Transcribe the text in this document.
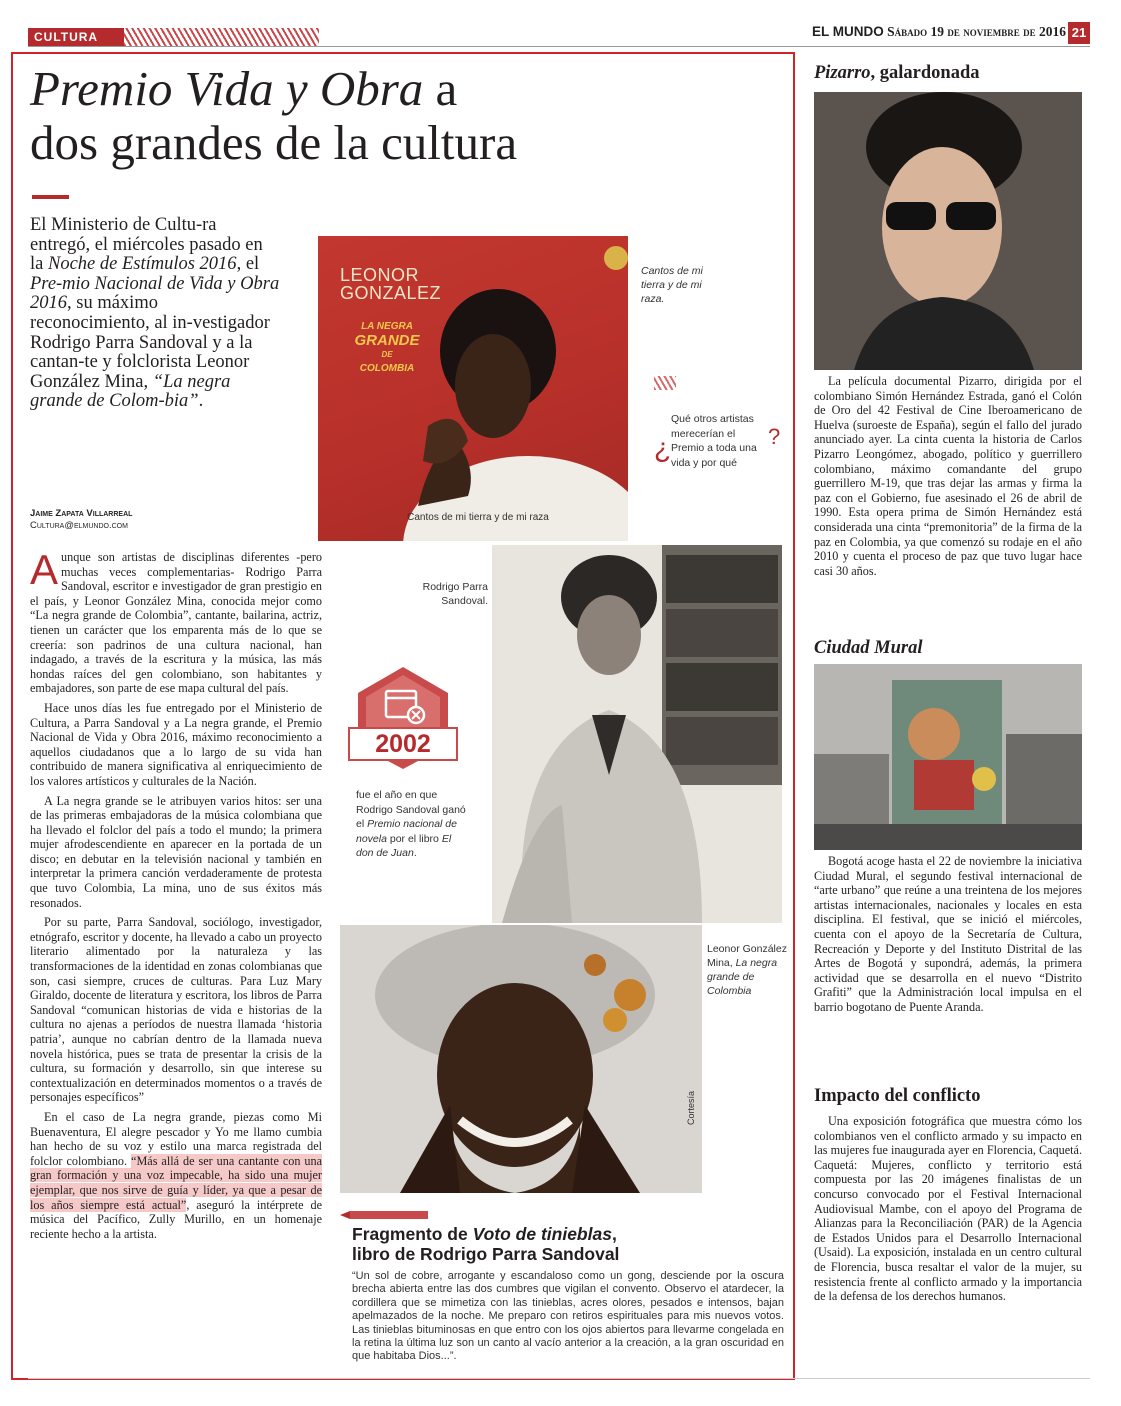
CULTURA	EL MUNDO Sábado 19 de noviembre de 2016 21
Premio Vida y Obra a
dos grandes de la cultura
El Ministerio de Cultu-ra entregó, el miércoles pasado en la Noche de Estímulos 2016, el Pre-mio Nacional de Vida y Obra 2016, su máximo reconocimiento, al in-vestigador Rodrigo Parra Sandoval y a la cantan-te y folclorista Leonor González Mina, “La negra grande de Colom-bia”.
Jaime Zapata Villarreal
Cultura@elmundo.com

Aunque son artistas de disciplinas diferentes -pero muchas veces complementarias- Rodrigo Parra Sandoval, escritor e investigador de gran prestigio en el país, y Leonor González Mina, conocida mejor como “La negra grande de Colombia”, cantante, bailarina, actriz, tienen un carácter que los emparenta más de lo que se creería: son padrinos de una cultura nacional, han indagado, a través de la escritura y la música, las más hondas raíces del gen colombiano, son habitantes y embajadores, son parte de ese mapa cultural del país.

Hace unos días les fue entregado por el Ministerio de Cultura, a Parra Sandoval y a La negra grande, el Premio Nacional de Vida y Obra 2016, máximo reconocimiento a aquellos ciudadanos que a lo largo de su vida han contribuido de manera significativa al enriquecimiento de los valores artísticos y culturales de la Nación.

A La negra grande se le atribuyen varios hitos: ser una de las primeras embajadoras de la música colombiana que ha llevado el folclor del país a todo el mundo; la primera mujer afrodescendiente en aparecer en la portada de un disco; en debutar en la televisión nacional y también en interpretar la primera canción verdaderamente de protesta que tuvo Colombia, La mina, uno de sus éxitos más resonados.

Por su parte, Parra Sandoval, sociólogo, investigador, etnógrafo, escritor y docente, ha llevado a cabo un proyecto literario alimentado por la naturaleza y las transformaciones de la identidad en zonas colombianas que son, casi siempre, cruces de culturas. Para Luz Mary Giraldo, docente de literatura y escritora, los libros de Parra Sandoval “comunican historias de vida e historias de la cultura no ajenas a períodos de nuestra llamada ‘historia patria’, aunque no cabrían dentro de la llamada nueva novela histórica, pues se trata de presentar la crisis de la cultura, su formación y desarrollo, sin que interese su contextualización en determinados momentos o a través de personajes específicos”

En el caso de La negra grande, piezas como Mi Buenaventura, El alegre pescador y Yo me llamo cumbia han hecho de su voz y estilo una marca registrada del folclor colombiano. “Más allá de ser una cantante con una gran formación y una voz impecable, ha sido una mujer ejemplar, que nos sirve de guía y líder, ya que a pesar de los años siempre está actual”, aseguró la intérprete de música del Pacífico, Zully Murillo, en un homenaje reciente hecho a la artista.

LEONOR
GONZALEZ
LA NEGRA
GRANDE
DE
COLOMBIA
Cantos de mi tierra y de mi raza
Cantos de mi tierra y de mi raza.
¿	?
Qué otros artistas merecerían el Premio a toda una vida y por qué
Rodrigo Parra Sandoval.
2002
fue el año en que Rodrigo Sandoval ganó el Premio nacional de novela por el libro El don de Juan.
Cortesía
Leonor González Mina, La negra grande de Colombia
Fragmento de Voto de tinieblas,
libro de Rodrigo Parra Sandoval
“Un sol de cobre, arrogante y escandaloso como un gong, desciende por la oscura brecha abierta entre las dos cumbres que vigilan el convento. Observo el atardecer, la cordillera que se mimetiza con las tinieblas, acres olores, pesados e intensos, bajan apelmazados de la noche. Me preparo con retiros espirituales para mis nuevos votos. Las tinieblas bituminosas en que entro con los ojos abiertos para llevarme congelada en la retina la última luz son un canto al vacío anterior a la creación, a la gran oscuridad en que habitaba Dios...”.
Pizarro, galardonada
La película documental Pizarro, dirigida por el colombiano Simón Hernández Estrada, ganó el Colón de Oro del 42 Festival de Cine Iberoamericano de Huelva (suroeste de España), según el fallo del jurado anunciado ayer. La cinta cuenta la historia de Carlos Pizarro Leongómez, abogado, político y guerrillero colombiano, máximo comandante del grupo guerrillero M-19, que tras dejar las armas y firma la paz con el Gobierno, fue asesinado el 26 de abril de 1990. Esta opera prima de Simón Hernández está considerada una cinta “premonitoria” de la firma de la paz en Colombia, ya que comenzó su rodaje en el año 2010 y cuenta el proceso de paz que tuvo lugar hace casi 30 años.
Ciudad Mural
Bogotá acoge hasta el 22 de noviembre la iniciativa Ciudad Mural, el segundo festival internacional de “arte urbano” que reúne a una treintena de los mejores artistas internacionales, nacionales y locales en esta disciplina. El festival, que se inició el miércoles, cuenta con el apoyo de la Secretaría de Cultura, Recreación y Deporte y del Instituto Distrital de las Artes de Bogotá y supondrá, además, la primera actividad que se desarrolla en el nuevo “Distrito Grafiti” que la Administración local impulsa en el barrio bogotano de Puente Aranda.
Impacto del conflicto
Una exposición fotográfica que muestra cómo los colombianos ven el conflicto armado y su impacto en las mujeres fue inaugurada ayer en Florencia, Caquetá. Caquetá: Mujeres, conflicto y territorio está compuesta por las 20 imágenes finalistas de un concurso convocado por el Festival Internacional Audiovisual Mambe, con el apoyo del Programa de Alianzas para la Reconciliación (PAR) de la Agencia de Estados Unidos para el Desarrollo Internacional (Usaid). La exposición, instalada en un centro cultural de Florencia, busca resaltar el valor de la mujer, su resistencia frente al conflicto armado y la importancia de la defensa de los derechos humanos.
